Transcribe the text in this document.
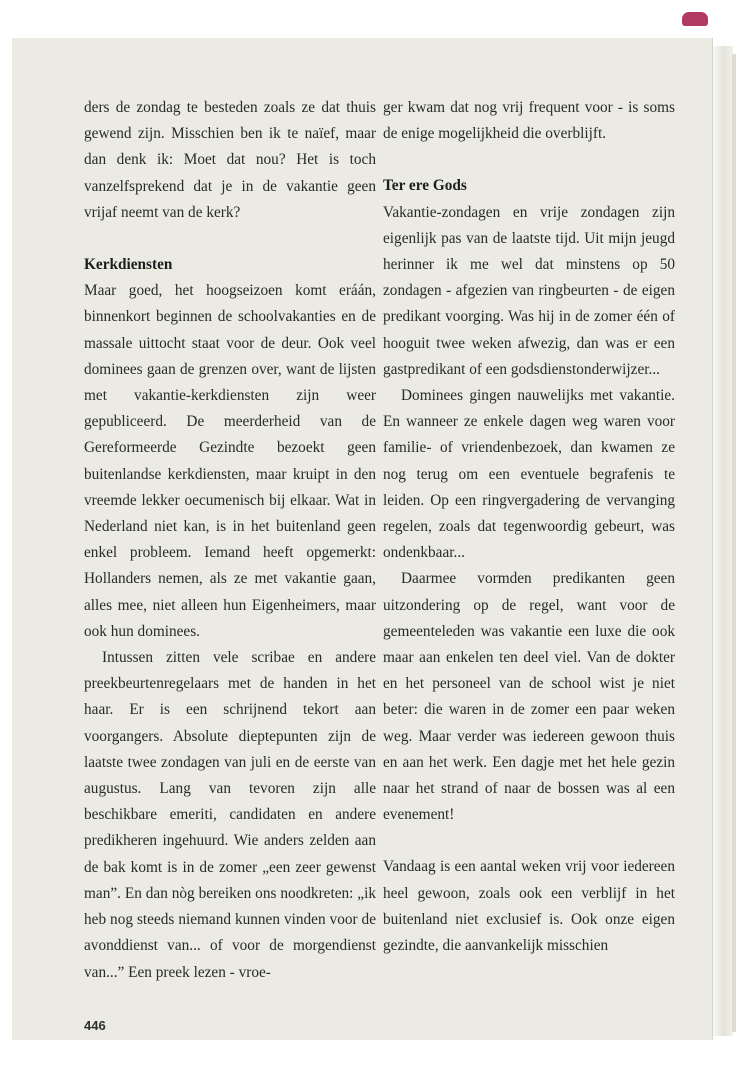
ders de zondag te besteden zoals ze dat thuis gewend zijn. Misschien ben ik te naïef, maar dan denk ik: Moet dat nou? Het is toch vanzelfsprekend dat je in de vakantie geen vrijaf neemt van de kerk?

Kerkdiensten

Maar goed, het hoogseizoen komt eráán, binnenkort beginnen de schoolvakanties en de massale uittocht staat voor de deur. Ook veel dominees gaan de grenzen over, want de lijsten met vakantie-kerkdiensten zijn weer gepubliceerd. De meerderheid van de Gereformeerde Gezindte bezoekt geen buitenlandse kerkdiensten, maar kruipt in den vreemde lekker oecumenisch bij elkaar. Wat in Nederland niet kan, is in het buitenland geen enkel probleem. Iemand heeft opgemerkt: Hollanders nemen, als ze met vakantie gaan, alles mee, niet alleen hun Eigenheimers, maar ook hun dominees.

Intussen zitten vele scribae en andere preekbeurtenregelaars met de handen in het haar. Er is een schrijnend tekort aan voorgangers. Absolute dieptepunten zijn de laatste twee zondagen van juli en de eerste van augustus. Lang van tevoren zijn alle beschikbare emeriti, candidaten en andere predikheren ingehuurd. Wie anders zelden aan de bak komt is in de zomer „een zeer gewenst man”. En dan nòg bereiken ons noodkreten: „ik heb nog steeds niemand kunnen vinden voor de avonddienst van... of voor de morgendienst van...” Een preek lezen - vroe-

ger kwam dat nog vrij frequent voor - is soms de enige mogelijkheid die overblijft.

Ter ere Gods

Vakantie-zondagen en vrije zondagen zijn eigenlijk pas van de laatste tijd. Uit mijn jeugd herinner ik me wel dat minstens op 50 zondagen - afgezien van ringbeurten - de eigen predikant voorging. Was hij in de zomer één of hooguit twee weken afwezig, dan was er een gastpredikant of een godsdienstonderwijzer...

Dominees gingen nauwelijks met vakantie. En wanneer ze enkele dagen weg waren voor familie- of vriendenbezoek, dan kwamen ze nog terug om een eventuele begrafenis te leiden. Op een ringvergadering de vervanging regelen, zoals dat tegenwoordig gebeurt, was ondenkbaar...

Daarmee vormden predikanten geen uitzondering op de regel, want voor de gemeenteleden was vakantie een luxe die ook maar aan enkelen ten deel viel. Van de dokter en het personeel van de school wist je niet beter: die waren in de zomer een paar weken weg. Maar verder was iedereen gewoon thuis en aan het werk. Een dagje met het hele gezin naar het strand of naar de bossen was al een evenement!

Vandaag is een aantal weken vrij voor iedereen heel gewoon, zoals ook een verblijf in het buitenland niet exclusief is. Ook onze eigen gezindte, die aanvankelijk misschien

446
